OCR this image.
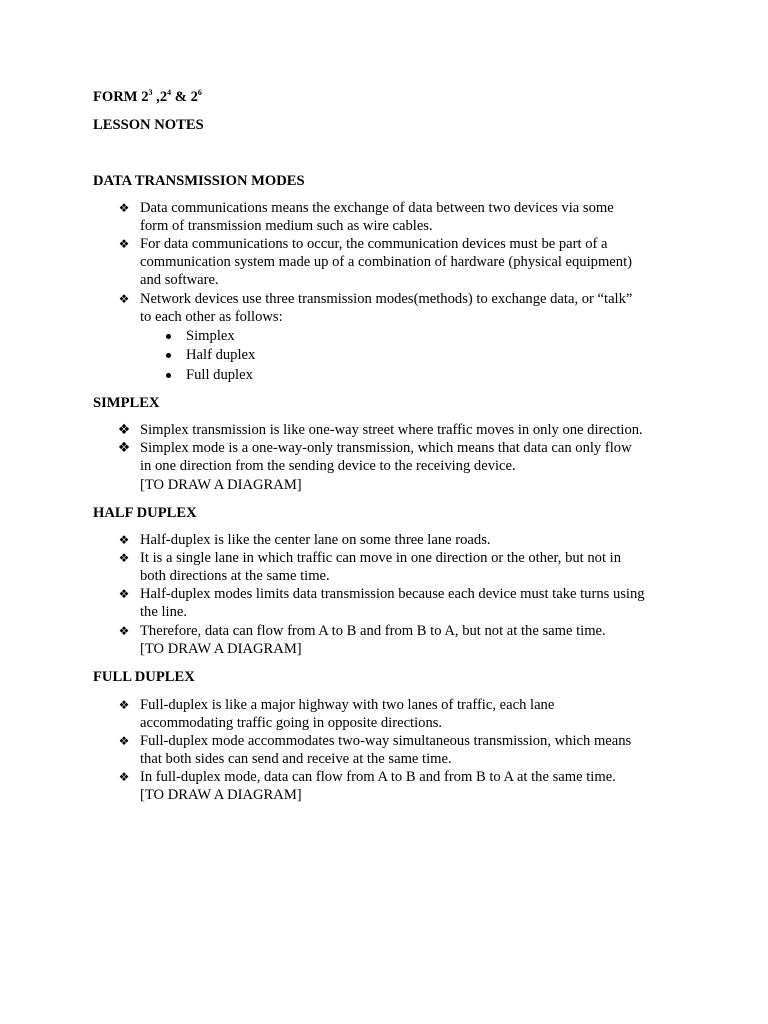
FORM $2^3$ $,2^4$ & $2^6$
LESSON NOTES
DATA TRANSMISSION MODES
❖ Data communications means the exchange of data between two devices via some
form of transmission medium such as wire cables.
❖ For data communications to occur, the communication devices must be part of a
communication system made up of a combination of hardware (physical equipment)
and software.
❖ Network devices use three transmission modes(methods) to exchange data, or “talk”
to each other as follows:
Simplex
Half duplex
Full duplex
SIMPLEX
❖ Simplex transmission is like one-way street where traffic moves in only one direction.
❖ Simplex mode is a one-way-only transmission, which means that data can only flow
in one direction from the sending device to the receiving device.
[TO DRAW A DIAGRAM]
HALF DUPLEX
❖ Half-duplex is like the center lane on some three lane roads.
❖ It is a single lane in which traffic can move in one direction or the other, but not in
both directions at the same time.
❖ Half-duplex modes limits data transmission because each device must take turns using
the line.
❖ Therefore, data can flow from A to B and from B to A, but not at the same time.
[TO DRAW A DIAGRAM]
FULL DUPLEX
❖ Full-duplex is like a major highway with two lanes of traffic, each lane
accommodating traffic going in opposite directions.
❖ Full-duplex mode accommodates two-way simultaneous transmission, which means
that both sides can send and receive at the same time.
❖ In full-duplex mode, data can flow from A to B and from B to A at the same time.
[TO DRAW A DIAGRAM]
